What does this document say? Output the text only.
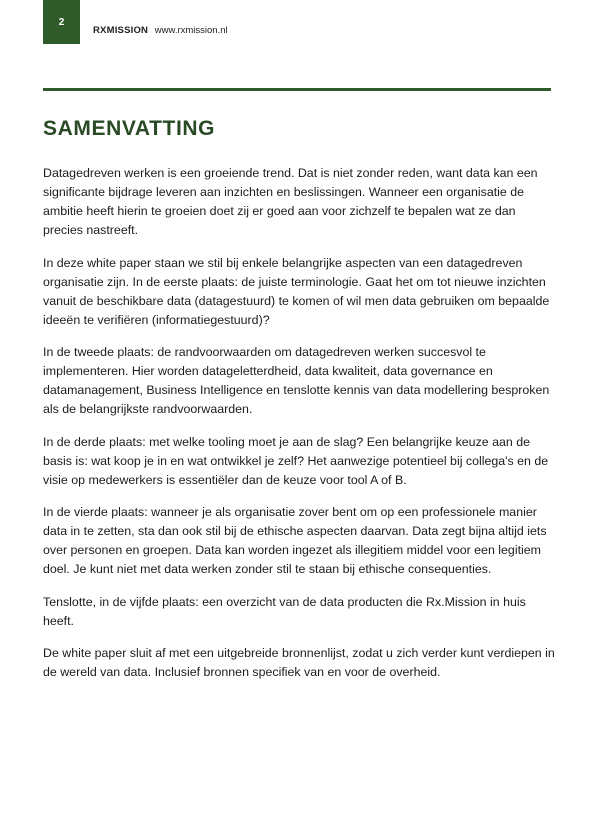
2
RXMISSION www.rxmission.nl
SAMENVATTING

Datagedreven werken is een groeiende trend. Dat is niet zonder reden, want data kan een significante bijdrage leveren aan inzichten en beslissingen. Wanneer een organisatie de ambitie heeft hierin te groeien doet zij er goed aan voor zichzelf te bepalen wat ze dan precies nastreeft.

In deze white paper staan we stil bij enkele belangrijke aspecten van een datagedreven organisatie zijn. In de eerste plaats: de juiste terminologie. Gaat het om tot nieuwe inzichten vanuit de beschikbare data (datagestuurd) te komen of wil men data gebruiken om bepaalde ideeën te verifiëren (informatiegestuurd)?

In de tweede plaats: de randvoorwaarden om datagedreven werken succesvol te implementeren. Hier worden datageletterdheid, data kwaliteit, data governance en datamanagement, Business Intelligence en tenslotte kennis van data modellering besproken als de belangrijkste randvoorwaarden.

In de derde plaats: met welke tooling moet je aan de slag? Een belangrijke keuze aan de basis is: wat koop je in en wat ontwikkel je zelf? Het aanwezige potentieel bij collega's en de visie op medewerkers is essentiëler dan de keuze voor tool A of B.

In de vierde plaats: wanneer je als organisatie zover bent om op een professionele manier data in te zetten, sta dan ook stil bij de ethische aspecten daarvan. Data zegt bijna altijd iets over personen en groepen. Data kan worden ingezet als illegitiem middel voor een legitiem doel. Je kunt niet met data werken zonder stil te staan bij ethische consequenties.

Tenslotte, in de vijfde plaats: een overzicht van de data producten die Rx.Mission in huis heeft.

De white paper sluit af met een uitgebreide bronnenlijst, zodat u zich verder kunt verdiepen in de wereld van data. Inclusief bronnen specifiek van en voor de overheid.
